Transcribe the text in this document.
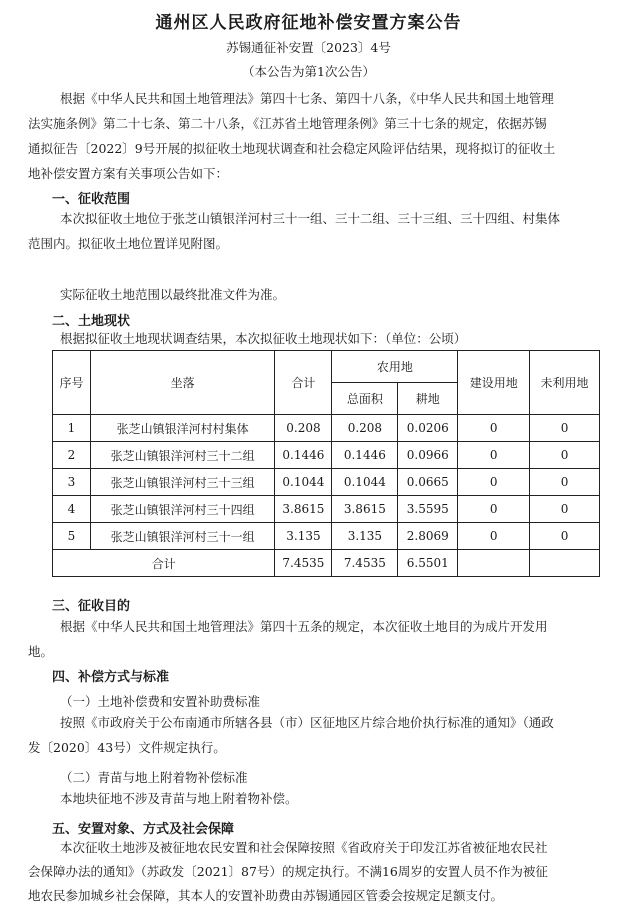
通州区人民政府征地补偿安置方案公告
苏锡通征补安置〔2023〕4号
（本公告为第1次公告）
根据《中华人民共和国土地管理法》第四十七条、第四十八条，《中华人民共和国土地管理
法实施条例》第二十七条、第二十八条，《江苏省土地管理条例》第三十七条的规定，依据苏锡
通拟征告〔2022〕9号开展的拟征收土地现状调查和社会稳定风险评估结果，现将拟订的征收土
地补偿安置方案有关事项公告如下：
一、征收范围
本次拟征收土地位于张芝山镇银洋河村三十一组、三十二组、三十三组、三十四组、村集体
范围内。拟征收土地位置详见附图。
实际征收土地范围以最终批准文件为准。
二、土地现状
根据拟征收土地现状调查结果，本次拟征收土地现状如下：（单位：公顷）
序号	坐落	合计	农用地		建设用地	未利用地
			总面积	耕地		
1	张芝山镇银洋河村村集体	0.208	0.208	0.0206	0	0
2	张芝山镇银洋河村三十二组	0.1446	0.1446	0.0966	0	0
3	张芝山镇银洋河村三十三组	0.1044	0.1044	0.0665	0	0
4	张芝山镇银洋河村三十四组	3.8615	3.8615	3.5595	0	0
5	张芝山镇银洋河村三十一组	3.135	3.135	2.8069	0	0
合计		7.4535	7.4535	6.5501		
三、征收目的
根据《中华人民共和国土地管理法》第四十五条的规定，本次征收土地目的为成片开发用
地。
四、补偿方式与标准
（一）土地补偿费和安置补助费标准
按照《市政府关于公布南通市所辖各县（市）区征地区片综合地价执行标准的通知》（通政
发〔2020〕43号）文件规定执行。
（二）青苗与地上附着物补偿标准
本地块征地不涉及青苗与地上附着物补偿。
五、安置对象、方式及社会保障
本次征收土地涉及被征地农民安置和社会保障按照《省政府关于印发江苏省被征地农民社
会保障办法的通知》（苏政发〔2021〕87号）的规定执行。不满16周岁的安置人员不作为被征
地农民参加城乡社会保障，其本人的安置补助费由苏锡通园区管委会按规定足额支付。
